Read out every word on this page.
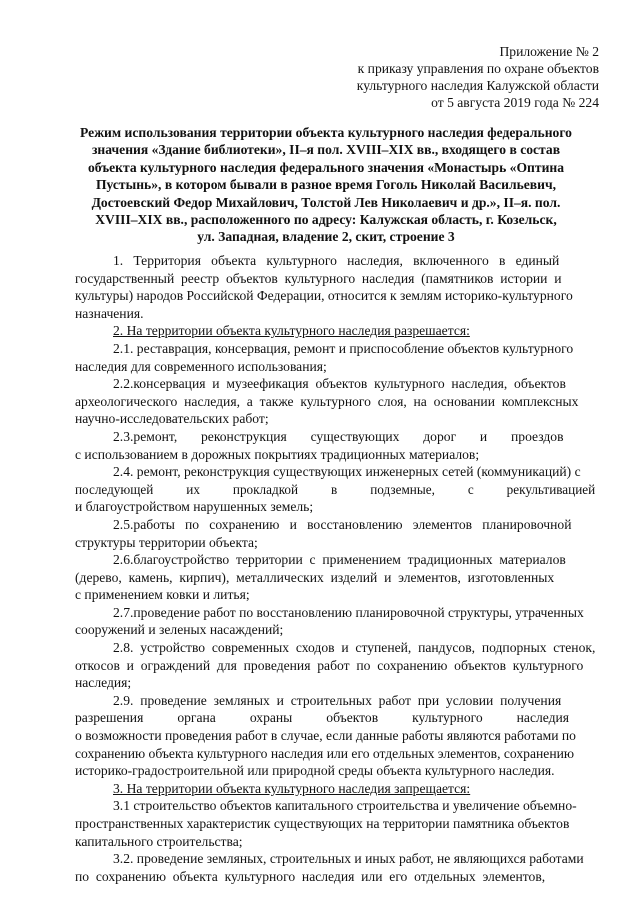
Приложение № 2
к приказу управления по охране объектов
культурного наследия Калужской области
от 5 августа 2019 года № 224
Режим использования территории объекта культурного наследия федерального
значения «Здание библиотеки», II–я пол. XVIII–XIX вв., входящего в состав
объекта культурного наследия федерального значения «Монастырь «Оптина
Пустынь», в котором бывали в разное время Гоголь Николай Васильевич,
Достоевский Федор Михайлович, Толстой Лев Николаевич и др.», II–я. пол.
XVIII–XIX вв., расположенного по адресу: Калужская область, г. Козельск,
ул. Западная, владение 2, скит, строение 3
1.   Территория   объекта   культурного   наследия,   включенного   в   единый
государственный  реестр  объектов  культурного  наследия  (памятников  истории  и
культуры) народов Российской Федерации, относится к землям историко-культурного
назначения.
2. На территории объекта культурного наследия разрешается:
2.1. реставрация, консервация, ремонт и приспособление объектов культурного
наследия для современного использования;
2.2.консервация  и  музеефикация  объектов  культурного  наследия,  объектов
археологического  наследия,  а  также  культурного  слоя,  на  основании  комплексных
научно-исследовательских работ;
2.3.ремонт,       реконструкция       существующих       дорог       и       проездов
с использованием в дорожных покрытиях традиционных материалов;
2.4. ремонт, реконструкция существующих инженерных сетей (коммуникаций) с
последующей          их          прокладкой          в          подземные,          с          рекультивацией
и благоустройством нарушенных земель;
2.5.работы   по   сохранению   и   восстановлению   элементов   планировочной
структуры территории объекта;
2.6.благоустройство  территории  с  применением  традиционных  материалов
(дерево,  камень,  кирпич),  металлических  изделий  и  элементов,  изготовленных
с применением ковки и литья;
2.7.проведение работ по восстановлению планировочной структуры, утраченных
сооружений и зеленых насаждений;
2.8.  устройство  современных  сходов  и  ступеней,  пандусов,  подпорных  стенок,
откосов  и  ограждений  для  проведения  работ  по  сохранению  объектов  культурного
наследия;
2.9.  проведение  земляных  и  строительных  работ  при  условии  получения
разрешения          органа          охраны          объектов          культурного          наследия
о возможности проведения работ в случае, если данные работы являются работами по
сохранению объекта культурного наследия или его отдельных элементов, сохранению
историко-градостроительной или природной среды объекта культурного наследия.
3. На территории объекта культурного наследия запрещается:
3.1 строительство объектов капитального строительства и увеличение объемно-
пространственных характеристик существующих на территории памятника объектов
капитального строительства;
3.2. проведение земляных, строительных и иных работ, не являющихся работами
по  сохранению  объекта  культурного  наследия  или  его  отдельных  элементов,
